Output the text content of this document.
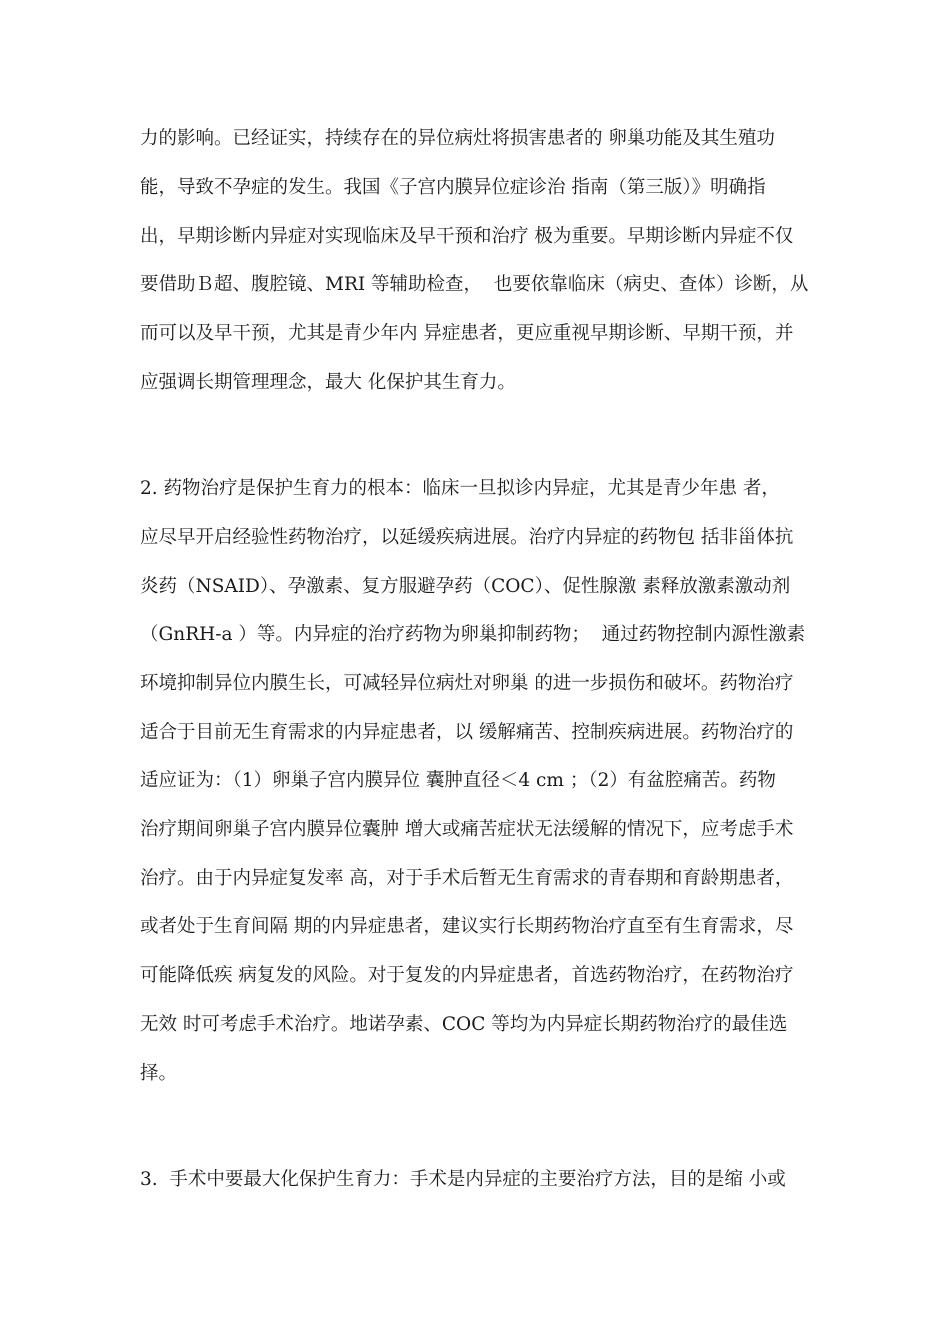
力的影响。已经证实，持续存在的异位病灶将损害患者的 卵巢功能及其生殖功
能，导致不孕症的发生。我国《子宫内膜异位症诊治 指南（第三版）》明确指
出，早期诊断内异症对实现临床及早干预和治疗 极为重要。早期诊断内异症不仅
要借助Ｂ超、腹腔镜、MRI 等辅助检查，  也要依靠临床（病史、查体）诊断，从
而可以及早干预，尤其是青少年内 异症患者，更应重视早期诊断、早期干预，并
应强调长期管理理念，最大 化保护其生育力。
2. 药物治疗是保护生育力的根本：临床一旦拟诊内异症，尤其是青少年患 者，
应尽早开启经验性药物治疗，以延缓疾病进展。治疗内异症的药物包 括非甾体抗
炎药（NSAID）、孕激素、复方服避孕药（COC）、促性腺激 素释放激素激动剂
（GnRH-a ）等。内异症的治疗药物为卵巢抑制药物；  通过药物控制内源性激素
环境抑制异位内膜生长，可减轻异位病灶对卵巢 的进一步损伤和破坏。药物治疗
适合于目前无生育需求的内异症患者，以 缓解痛苦、控制疾病进展。药物治疗的
适应证为：（1）卵巢子宫内膜异位 囊肿直径＜4 cm ；（2）有盆腔痛苦。药物
治疗期间卵巢子宫内膜异位囊肿 增大或痛苦症状无法缓解的情况下，应考虑手术
治疗。由于内异症复发率 高，对于手术后暂无生育需求的青春期和育龄期患者，
或者处于生育间隔 期的内异症患者，建议实行长期药物治疗直至有生育需求，尽
可能降低疾 病复发的风险。对于复发的内异症患者，首选药物治疗，在药物治疗
无效 时可考虑手术治疗。地诺孕素、COC 等均为内异症长期药物治疗的最佳选
择。
3.  手术中要最大化保护生育力：手术是内异症的主要治疗方法，目的是缩 小或
